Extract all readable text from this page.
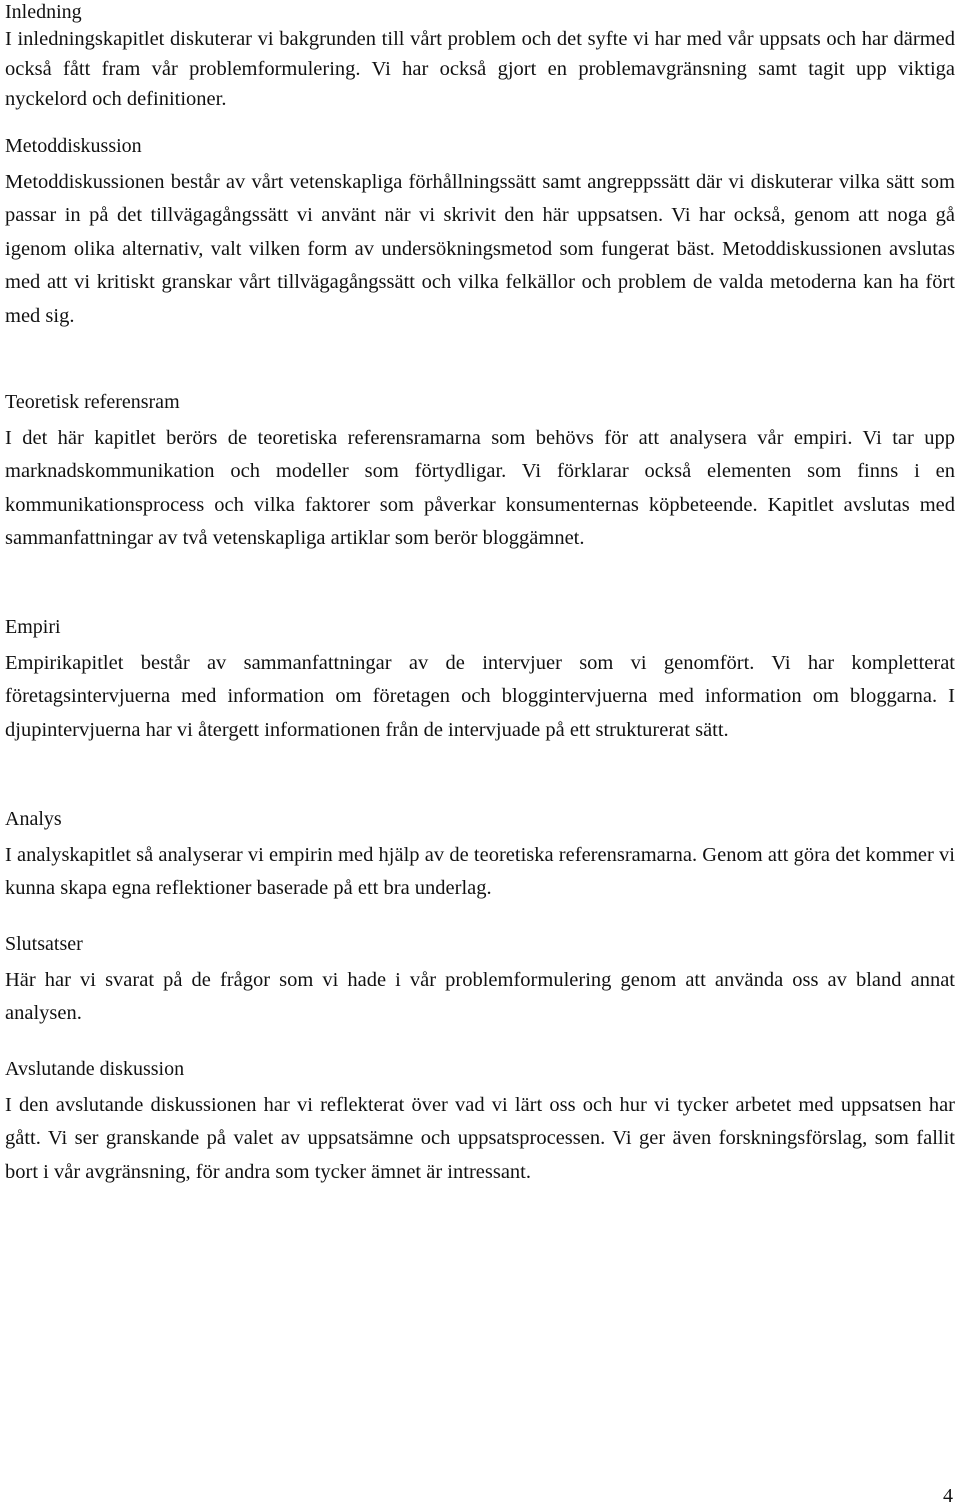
Inledning

I inledningskapitlet diskuterar vi bakgrunden till vårt problem och det syfte vi har med vår uppsats och har därmed också fått fram vår problemformulering. Vi har också gjort en problemavgränsning samt tagit upp viktiga nyckelord och definitioner.

Metoddiskussion

Metoddiskussionen består av vårt vetenskapliga förhållningssätt samt angreppssätt där vi diskuterar vilka sätt som passar in på det tillvägagångssätt vi använt när vi skrivit den här uppsatsen. Vi har också, genom att noga gå igenom olika alternativ, valt vilken form av undersökningsmetod som fungerat bäst. Metoddiskussionen avslutas med att vi kritiskt granskar vårt tillvägagångssätt och vilka felkällor och problem de valda metoderna kan ha fört med sig.

Teoretisk referensram

I det här kapitlet berörs de teoretiska referensramarna som behövs för att analysera vår empiri. Vi tar upp marknadskommunikation och modeller som förtydligar. Vi förklarar också elementen som finns i en kommunikationsprocess och vilka faktorer som påverkar konsumenternas köpbeteende. Kapitlet avslutas med sammanfattningar av två vetenskapliga artiklar som berör bloggämnet.

Empiri

Empirikapitlet består av sammanfattningar av de intervjuer som vi genomfört. Vi har kompletterat företagsintervjuerna med information om företagen och bloggintervjuerna med information om bloggarna. I djupintervjuerna har vi återgett informationen från de intervjuade på ett strukturerat sätt.

Analys

I analyskapitlet så analyserar vi empirin med hjälp av de teoretiska referensramarna. Genom att göra det kommer vi kunna skapa egna reflektioner baserade på ett bra underlag.

Slutsatser

Här har vi svarat på de frågor som vi hade i vår problemformulering genom att använda oss av bland annat analysen.

Avslutande diskussion

I den avslutande diskussionen har vi reflekterat över vad vi lärt oss och hur vi tycker arbetet med uppsatsen har gått. Vi ser granskande på valet av uppsatsämne och uppsatsprocessen. Vi ger även forskningsförslag, som fallit bort i vår avgränsning, för andra som tycker ämnet är intressant.

4
